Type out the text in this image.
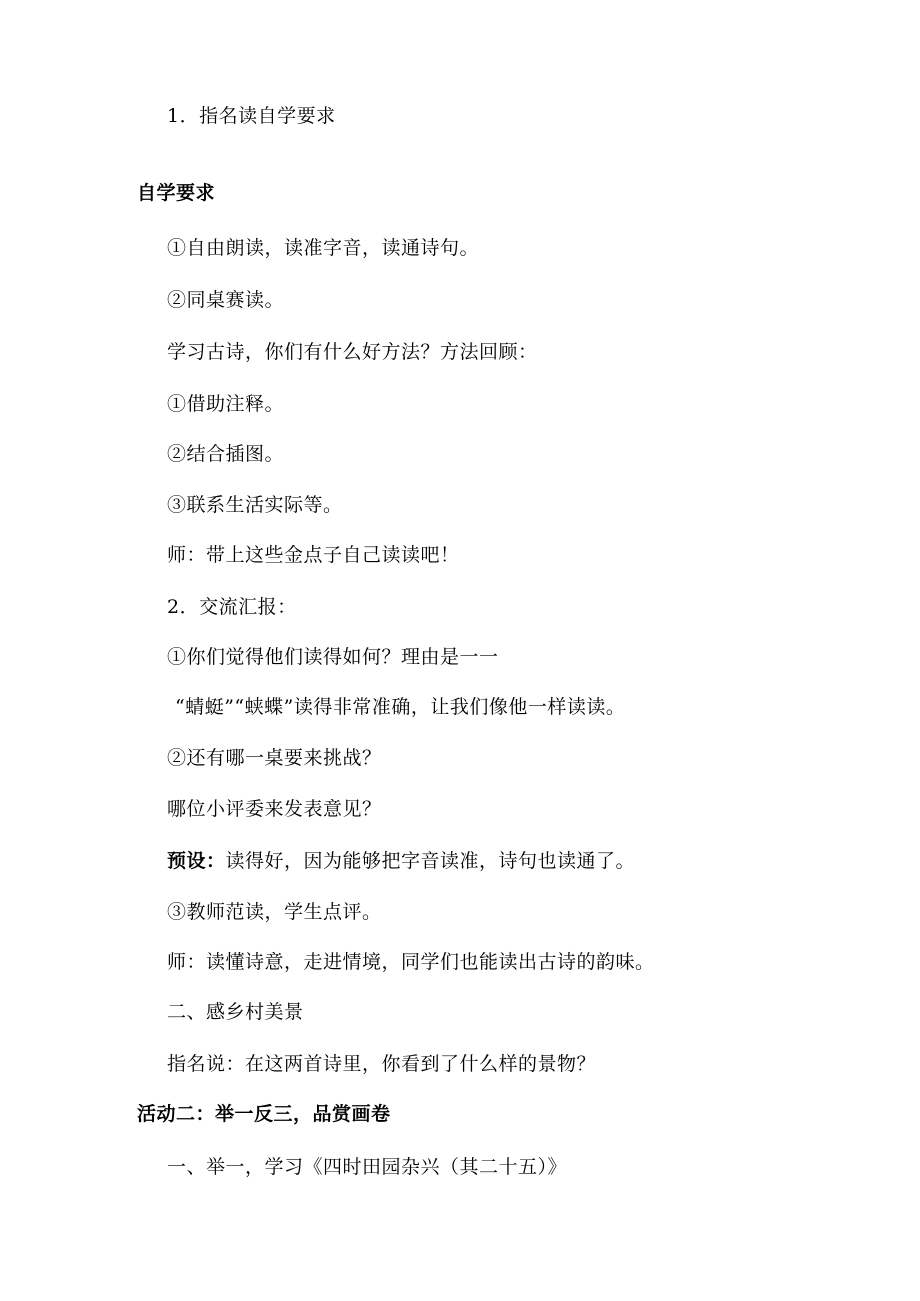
1．指名读自学要求
自学要求
①自由朗读，读准字音，读通诗句。
②同桌赛读。
学习古诗，你们有什么好方法？方法回顾：
①借助注释。
②结合插图。
③联系生活实际等。
师：带上这些金点子自己读读吧！
2．交流汇报：
①你们觉得他们读得如何？理由是一一
“蜻蜓”“蛱蝶”读得非常准确，让我们像他一样读读。
②还有哪一桌要来挑战？
哪位小评委来发表意见？
预设：读得好，因为能够把字音读准，诗句也读通了。
③教师范读，学生点评。
师：读懂诗意，走进情境，同学们也能读出古诗的韵味。
二、感乡村美景
指名说：在这两首诗里，你看到了什么样的景物？
活动二：举一反三，品赏画卷
一、举一，学习《四时田园杂兴（其二十五）》
